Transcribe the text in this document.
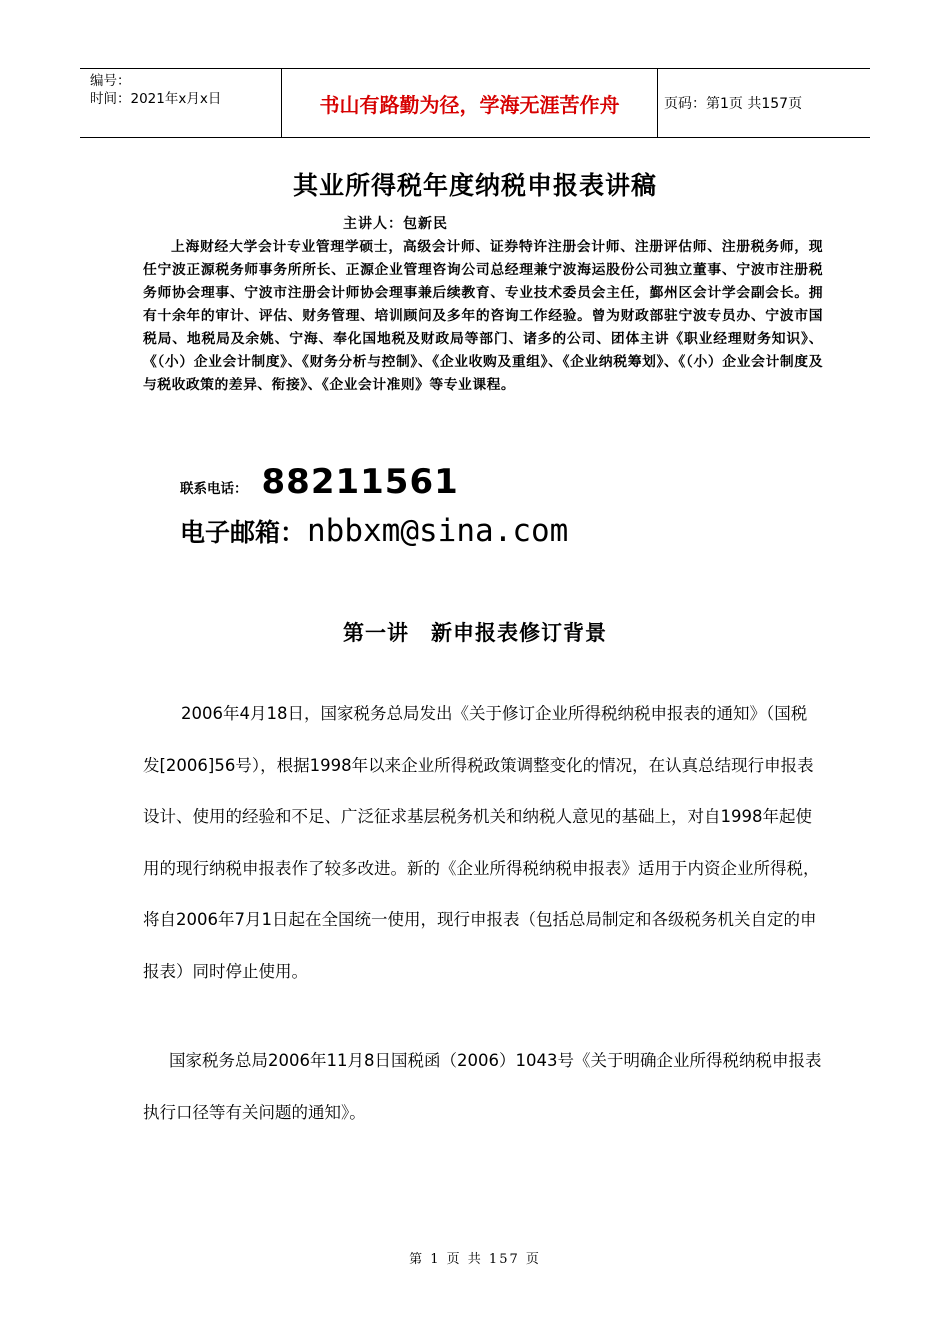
编号：
时间：2021年x月x日	书山有路勤为径，学海无涯苦作舟	页码：第1页 共157页
其业所得税年度纳税申报表讲稿
主讲人：包新民

上海财经大学会计专业管理学硕士，高级会计师、证券特许注册会计师、注册评估师、注册税务师，现任宁波正源税务师事务所所长、正源企业管理咨询公司总经理兼宁波海运股份公司独立董事、宁波市注册税务师协会理事、宁波市注册会计师协会理事兼后续教育、专业技术委员会主任，鄞州区会计学会副会长。拥有十余年的审计、评估、财务管理、培训顾问及多年的咨询工作经验。曾为财政部驻宁波专员办、宁波市国税局、地税局及余姚、宁海、奉化国地税及财政局等部门、诸多的公司、团体主讲《职业经理财务知识》、《（小）企业会计制度》、《财务分析与控制》、《企业收购及重组》、《企业纳税筹划》、《（小）企业会计制度及与税收政策的差异、衔接》、《企业会计准则》等专业课程。

联系电话： 88211561
电子邮箱： nbbxm@sina.com
第一讲　新申报表修订背景

2006年4月18日，国家税务总局发出《关于修订企业所得税纳税申报表的通知》（国税发[2006]56号），根据1998年以来企业所得税政策调整变化的情况，在认真总结现行申报表设计、使用的经验和不足、广泛征求基层税务机关和纳税人意见的基础上，对自1998年起使用的现行纳税申报表作了较多改进。新的《企业所得税纳税申报表》适用于内资企业所得税，将自2006年7月1日起在全国统一使用，现行申报表（包括总局制定和各级税务机关自定的申报表）同时停止使用。

国家税务总局2006年11月8日国税函（2006）1043号《关于明确企业所得税纳税申报表执行口径等有关问题的通知》。

第 1 页 共 157 页
